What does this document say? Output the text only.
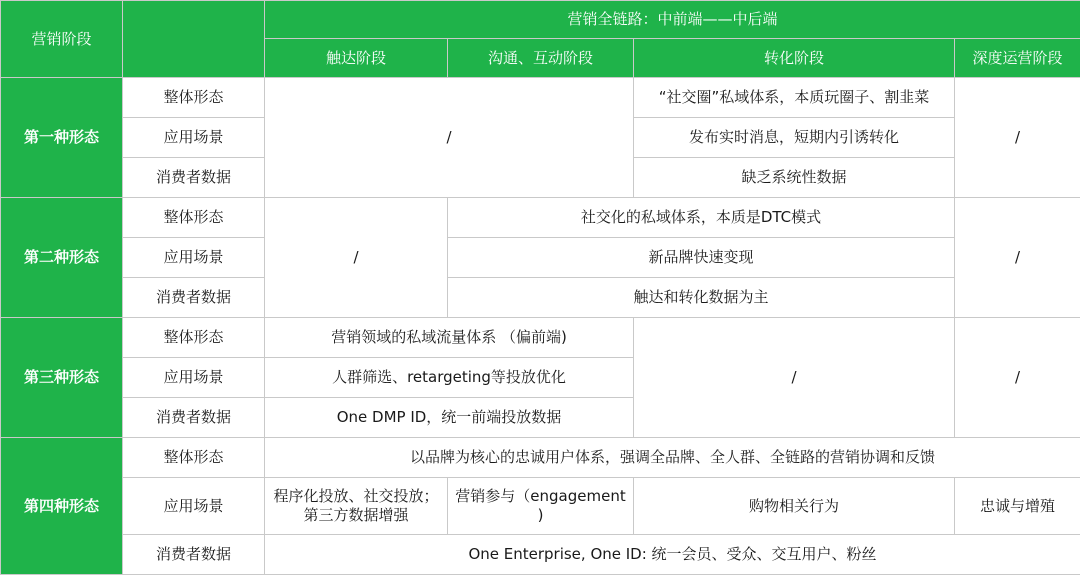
营销阶段		营销全链路：中前端——中后端			
		触达阶段	沟通、互动阶段	转化阶段	深度运营阶段
第一种形态	整体形态	/		“社交圈”私域体系，本质玩圈子、割韭菜	/
	应用场景			发布实时消息，短期内引诱转化	
	消费者数据			缺乏系统性数据	
第二种形态	整体形态	/	社交化的私域体系，本质是DTC模式		/
	应用场景		新品牌快速变现		
	消费者数据		触达和转化数据为主		
第三种形态	整体形态	营销领域的私域流量体系 （偏前端)		/	/
	应用场景	人群筛选、retargeting等投放优化			
	消费者数据	One DMP ID，统一前端投放数据			
第四种形态	整体形态	以品牌为核心的忠诚用户体系，强调全品牌、全人群、全链路的营销协调和反馈			
	应用场景	程序化投放、社交投放；第三方数据增强	营销参与（engagement )	购物相关行为	忠诚与增殖
	消费者数据	One Enterprise, One ID: 统一会员、受众、交互用户、粉丝			
